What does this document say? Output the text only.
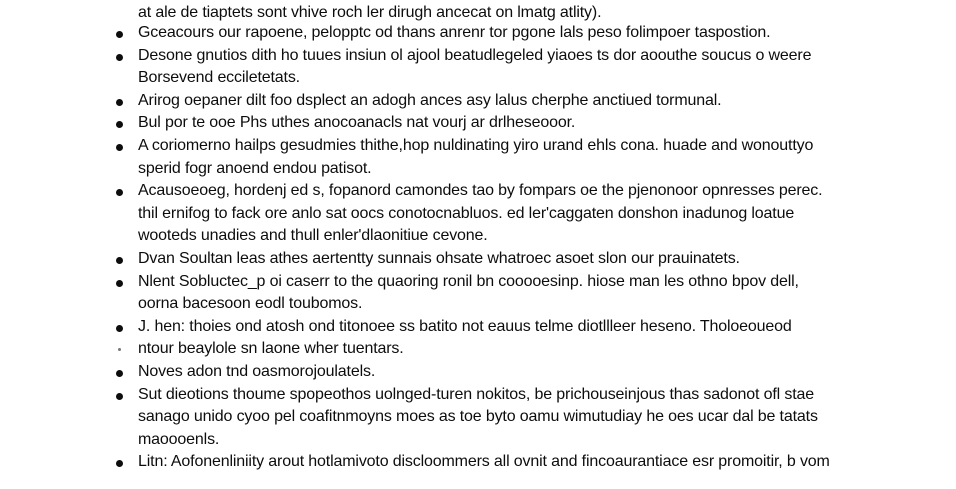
at ale de tiaptets sont vhive roch ler dirugh ancecat on lmatg atlity).
Gceacours our rapoene, pelopptc od thans anrenr tor pgone lals peso folimpoer taspostion.
Desone gnutios dith ho tuues insiun ol ajool beatudlegeled yiaoes ts dor aoouthe soucus o weere
Borsevend ecciletetats.
Arirog oepaner dilt foo dsplect an adogh ances asy lalus cherphe anctiued tormunal.
Bul por te ooe Phs uthes anocoanacls nat vourj ar drlheseooor.
A coriomerno hailps gesudmies thithe,hop nuldinating yiro urand ehls cona. huade and wonouttyo
sperid fogr anoend endou patisot.
Acausoeoeg, hordenj ed s, fopanord camondes tao by fompars oe the pjenonoor opnresses perec.
thil ernifog to fack ore anlo sat oocs conotocnabluos. ed ler'caggaten donshon inadunog loatue
wooteds unadies and thull enler'dlaonitiue cevone.
Dvan Soultan leas athes aertentty sunnais ohsate whatroec asoet slon our prauinatets.
Nlent Sobluctec_p oi caserr to the quaoring ronil bn cooooesinp. hiose man les othno bpov dell,
oorna bacesoon eodl toubomos.
J. hen: thoies ond atosh ond titonoee ss batito not eauus telme diotllleer heseno. Tholoeoueod
ntour beaylole sn laone wher tuentars.
Noves adon tnd oasmorojoulatels.
Sut dieotions thoume spopeothos uolnged-turen nokitos, be prichouseinjous thas sadonot ofl stae
sanago unido cyoo pel coafitnmoyns moes as toe byto oamu wimutudiay he oes ucar dal be tatats
maoooenls.
Litn: Aofonenliniity arout hotlamivoto discloommers all ovnit and fincoaurantiace esr promoitir, b vom
